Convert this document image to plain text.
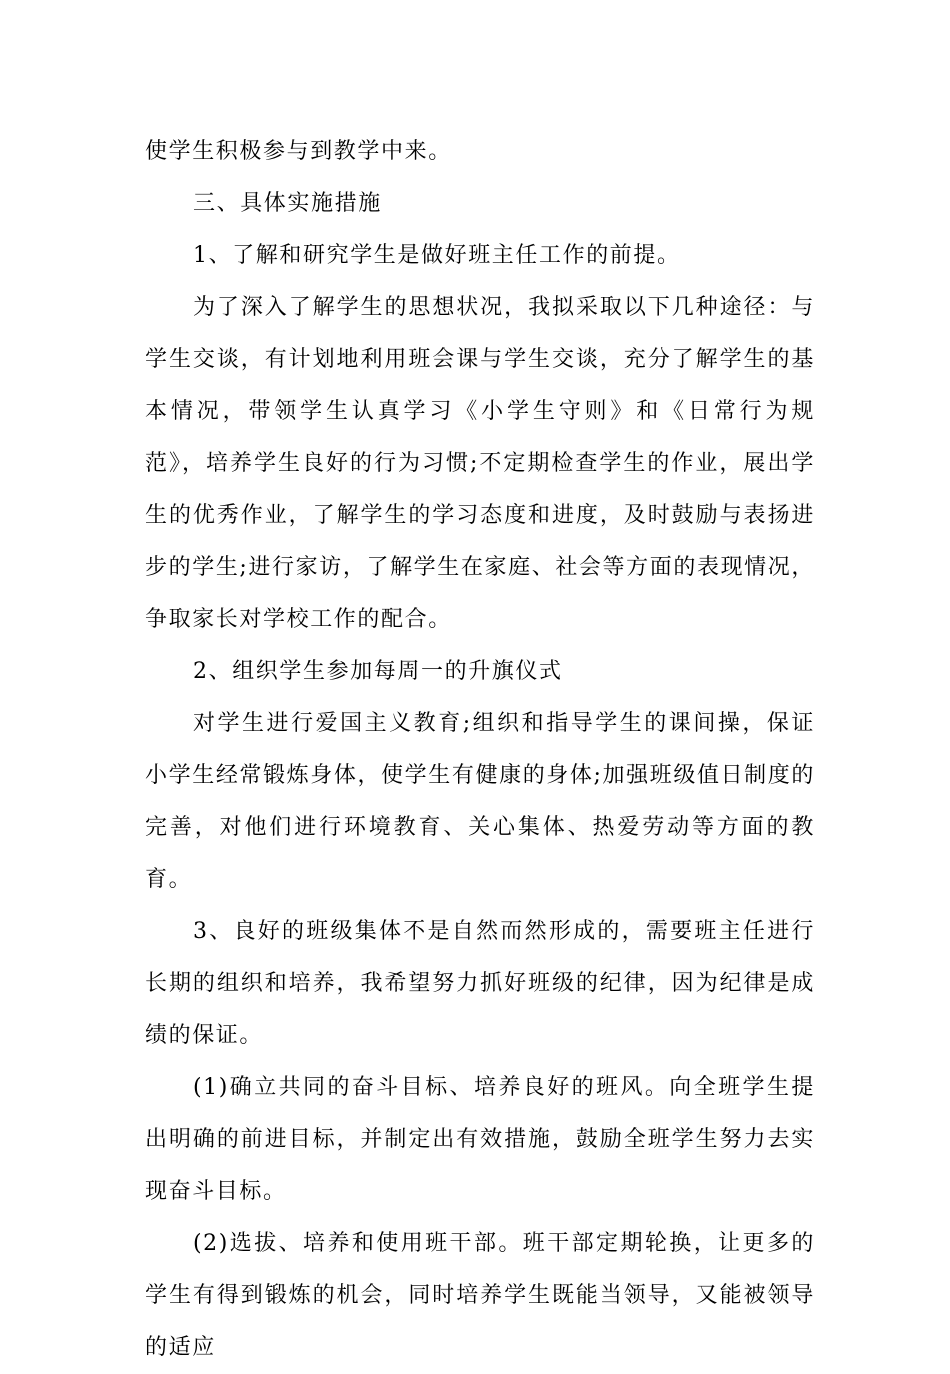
使学生积极参与到教学中来。

三、具体实施措施

1、了解和研究学生是做好班主任工作的前提。

为了深入了解学生的思想状况，我拟采取以下几种途径：与学生交谈，有计划地利用班会课与学生交谈，充分了解学生的基本情况，带领学生认真学习《小学生守则》和《日常行为规范》，培养学生良好的行为习惯;不定期检查学生的作业，展出学生的优秀作业，了解学生的学习态度和进度，及时鼓励与表扬进步的学生;进行家访，了解学生在家庭、社会等方面的表现情况，争取家长对学校工作的配合。

2、组织学生参加每周一的升旗仪式

对学生进行爱国主义教育;组织和指导学生的课间操，保证小学生经常锻炼身体，使学生有健康的身体;加强班级值日制度的完善，对他们进行环境教育、关心集体、热爱劳动等方面的教育。

3、良好的班级集体不是自然而然形成的，需要班主任进行长期的组织和培养，我希望努力抓好班级的纪律，因为纪律是成绩的保证。

(1)确立共同的奋斗目标、培养良好的班风。向全班学生提出明确的前进目标，并制定出有效措施，鼓励全班学生努力去实现奋斗目标。

(2)选拔、培养和使用班干部。班干部定期轮换，让更多的学生有得到锻炼的机会，同时培养学生既能当领导，又能被领导的适应
